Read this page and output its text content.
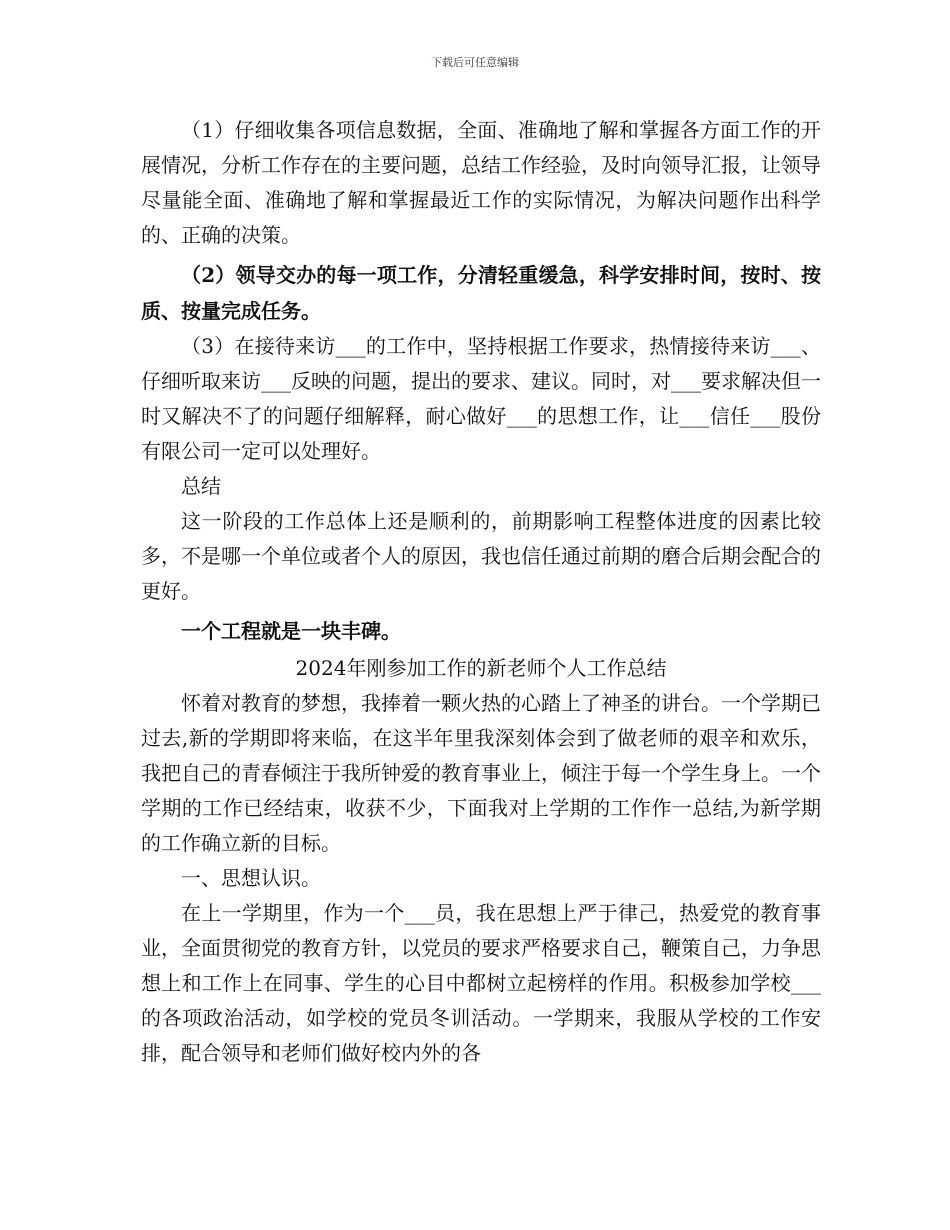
下载后可任意编辑

（1）仔细收集各项信息数据，全面、准确地了解和掌握各方面工作的开展情况，分析工作存在的主要问题，总结工作经验，及时向领导汇报，让领导尽量能全面、准确地了解和掌握最近工作的实际情况，为解决问题作出科学的、正确的决策。

（2）领导交办的每一项工作，分清轻重缓急，科学安排时间，按时、按质、按量完成任务。

（3）在接待来访___的工作中，坚持根据工作要求，热情接待来访___、仔细听取来访___反映的问题，提出的要求、建议。同时，对___要求解决但一时又解决不了的问题仔细解释，耐心做好___的思想工作，让___信任___股份有限公司一定可以处理好。

总结

这一阶段的工作总体上还是顺利的，前期影响工程整体进度的因素比较多，不是哪一个单位或者个人的原因，我也信任通过前期的磨合后期会配合的更好。

一个工程就是一块丰碑。

2024年刚参加工作的新老师个人工作总结

怀着对教育的梦想，我捧着一颗火热的心踏上了神圣的讲台。一个学期已过去,新的学期即将来临，在这半年里我深刻体会到了做老师的艰辛和欢乐，我把自己的青春倾注于我所钟爱的教育事业上，倾注于每一个学生身上。一个学期的工作已经结束，收获不少，下面我对上学期的工作作一总结,为新学期的工作确立新的目标。

一、思想认识。

在上一学期里，作为一个___员，我在思想上严于律己，热爱党的教育事业，全面贯彻党的教育方针，以党员的要求严格要求自己，鞭策自己，力争思想上和工作上在同事、学生的心目中都树立起榜样的作用。积极参加学校___的各项政治活动，如学校的党员冬训活动。一学期来，我服从学校的工作安排，配合领导和老师们做好校内外的各
